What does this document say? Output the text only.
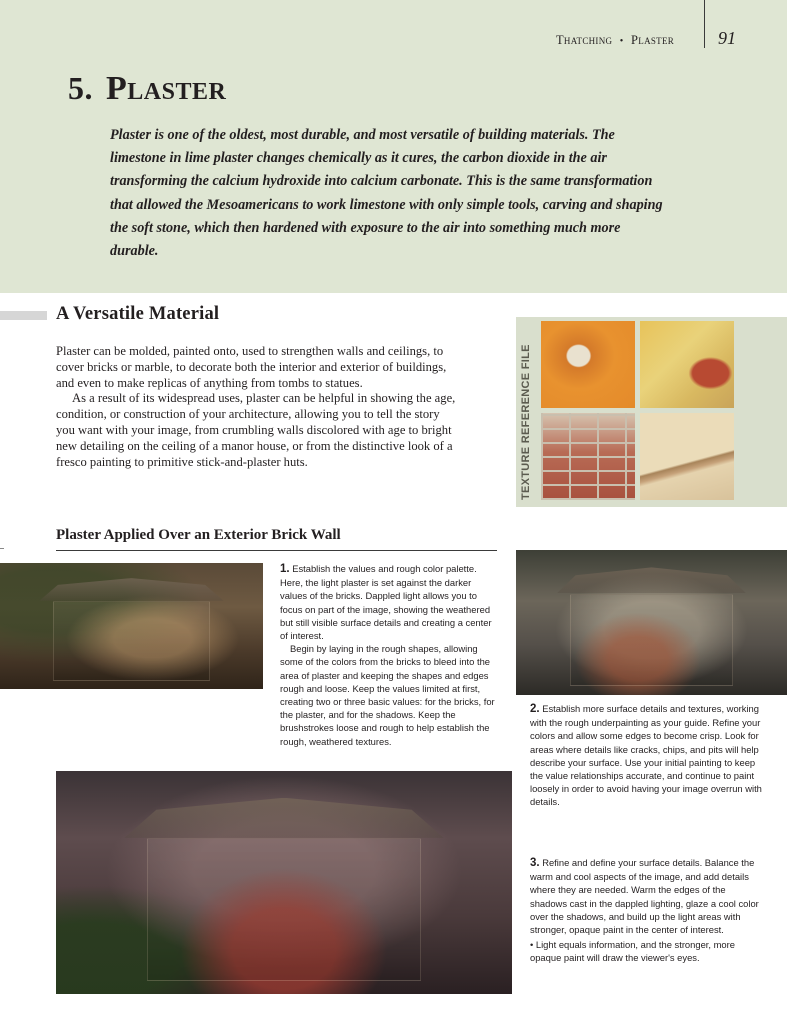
Thatching • Plaster 91
5. Plaster

Plaster is one of the oldest, most durable, and most versatile of building materials. The limestone in lime plaster changes chemically as it cures, the carbon dioxide in the air transforming the calcium hydroxide into calcium carbonate. This is the same transformation that allowed the Mesoamericans to work limestone with only simple tools, carving and shaping the soft stone, which then hardened with exposure to the air into something much more durable.

A Versatile Material

Plaster can be molded, painted onto, used to strengthen walls and ceilings, to cover bricks or marble, to decorate both the interior and exterior of buildings, and even to make replicas of anything from tombs to statues.

As a result of its widespread uses, plaster can be helpful in showing the age, condition, or construction of your architecture, allowing you to tell the story you want with your image, from crumbling walls discolored with age to bright new detailing on the ceiling of a manor house, or from the distinctive look of a fresco painting to primitive stick-and-plaster huts.	TEXTURE REFERENCE FILE
Plaster Applied Over an Exterior Brick Wall

1. Establish the values and rough color palette. Here, the light plaster is set against the darker values of the bricks. Dappled light allows you to focus on part of the image, showing the weathered but still visible surface details and creating a center of interest.

Begin by laying in the rough shapes, allowing some of the colors from the bricks to bleed into the area of plaster and keeping the shapes and edges rough and loose. Keep the values limited at first, creating two or three basic values: for the bricks, for the plaster, and for the shadows. Keep the brushstrokes loose and rough to help establish the rough, weathered textures.

2. Establish more surface details and textures, working with the rough underpainting as your guide. Refine your colors and allow some edges to become crisp. Look for areas where details like cracks, chips, and pits will help describe your surface. Use your initial painting to keep the value relationships accurate, and continue to paint loosely in order to avoid having your image overrun with details.

3. Refine and define your surface details. Balance the warm and cool aspects of the image, and add details where they are needed. Warm the edges of the shadows cast in the dappled lighting, glaze a cool color over the shadows, and build up the light areas with stronger, opaque paint in the center of interest.

• Light equals information, and the stronger, more opaque paint will draw the viewer's eyes.
